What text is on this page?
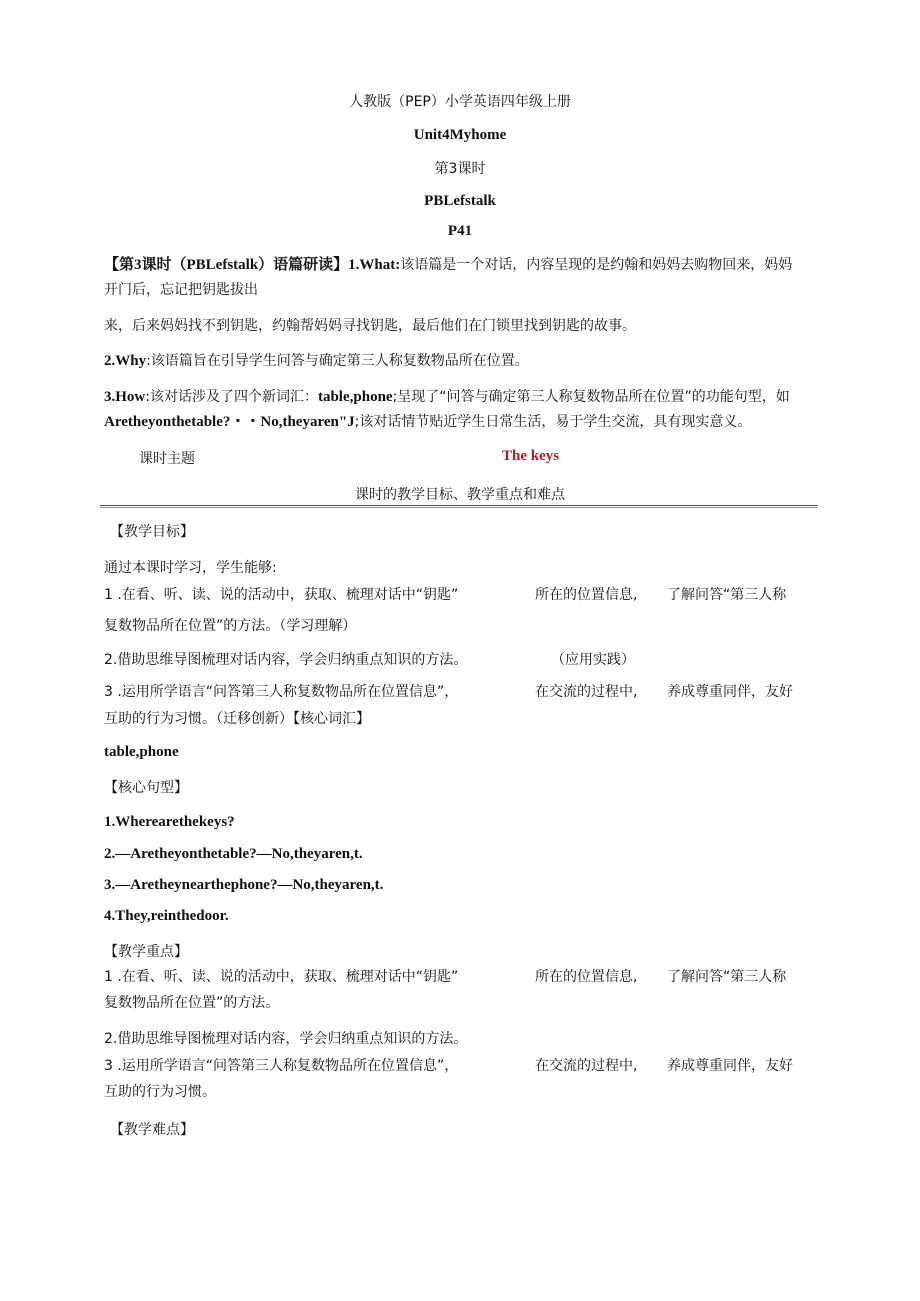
人教版（PEP）小学英语四年级上册
Unit4Myhome
第3课时
PBLefstalk
P41
【第3课时（PBLefstalk）语篇研读】1.What:该语篇是一个对话，内容呈现的是约翰和妈妈去购物回来，妈妈
开门后，忘记把钥匙拔出
来，后来妈妈找不到钥匙，约翰帮妈妈寻找钥匙，最后他们在门锁里找到钥匙的故事。
2.Why:该语篇旨在引导学生问答与确定第三人称复数物品所在位置。
3.How:该对话涉及了四个新词汇：table,phone;呈现了“问答与确定第三人称复数物品所在位置”的功能句型，如
Aretheyonthetable?・・No,theyaren"J;该对话情节贴近学生日常生活，易于学生交流，具有现实意义。
课时主题	The keys
课时的教学目标、教学重点和难点
【教学目标】
通过本课时学习，学生能够:
1 .在看、听、读、说的活动中，获取、梳理对话中“钥匙”	所在的位置信息, 了解问答“第三人称
复数物品所在位置”的方法。（学习理解）
2.借助思维导图梳理对话内容，学会归纳重点知识的方法。	（应用实践）
3 .运用所学语言“问答第三人称复数物品所在位置信息”，	在交流的过程中, 养成尊重同伴，友好
互助的行为习惯。（迁移创新）【核心词汇】
table,phone
【核心句型】
1.Wherearethekeys?
2.—Aretheyonthetable?—No,theyaren,t.
3.—Aretheynearthephone?—No,theyaren,t.
4.They,reinthedoor.
【教学重点】
1 .在看、听、读、说的活动中，获取、梳理对话中“钥匙”	所在的位置信息, 了解问答“第三人称
复数物品所在位置”的方法。
2.借助思维导图梳理对话内容，学会归纳重点知识的方法。
3 .运用所学语言“问答第三人称复数物品所在位置信息”，	在交流的过程中, 养成尊重同伴，友好
互助的行为习惯。
【教学难点】
